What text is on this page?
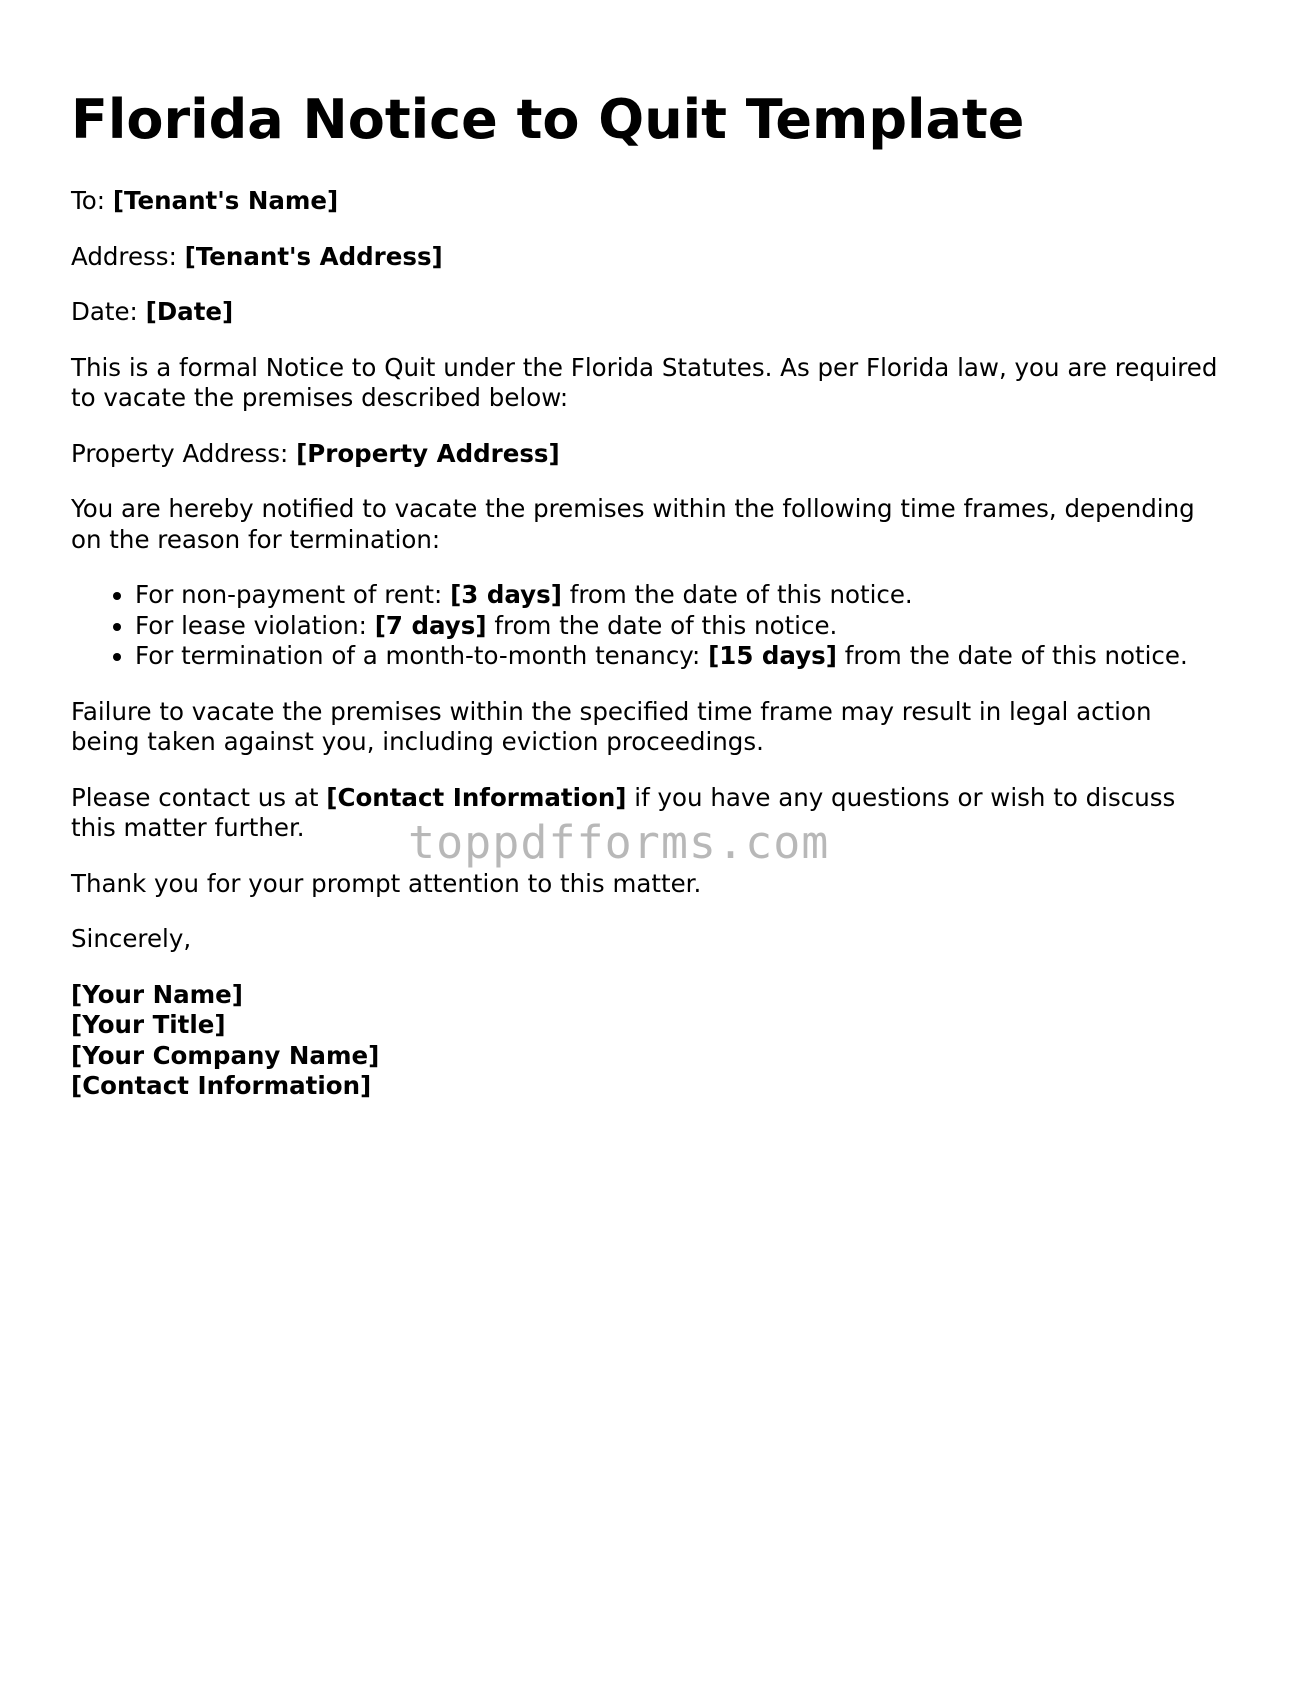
Florida Notice to Quit Template

To: [Tenant's Name]

Address: [Tenant's Address]

Date: [Date]

This is a formal Notice to Quit under the Florida Statutes. As per Florida law, you are required to vacate the premises described below:

Property Address: [Property Address]

You are hereby notified to vacate the premises within the following time frames, depending on the reason for termination:

• For non-payment of rent: [3 days] from the date of this notice.
• For lease violation: [7 days] from the date of this notice.
• For termination of a month-to-month tenancy: [15 days] from the date of this notice.

Failure to vacate the premises within the specified time frame may result in legal action being taken against you, including eviction proceedings.

Please contact us at [Contact Information] if you have any questions or wish to discuss this matter further.

Thank you for your prompt attention to this matter.

Sincerely,

[Your Name]
[Your Title]
[Your Company Name]
[Contact Information]
toppdfforms.com
